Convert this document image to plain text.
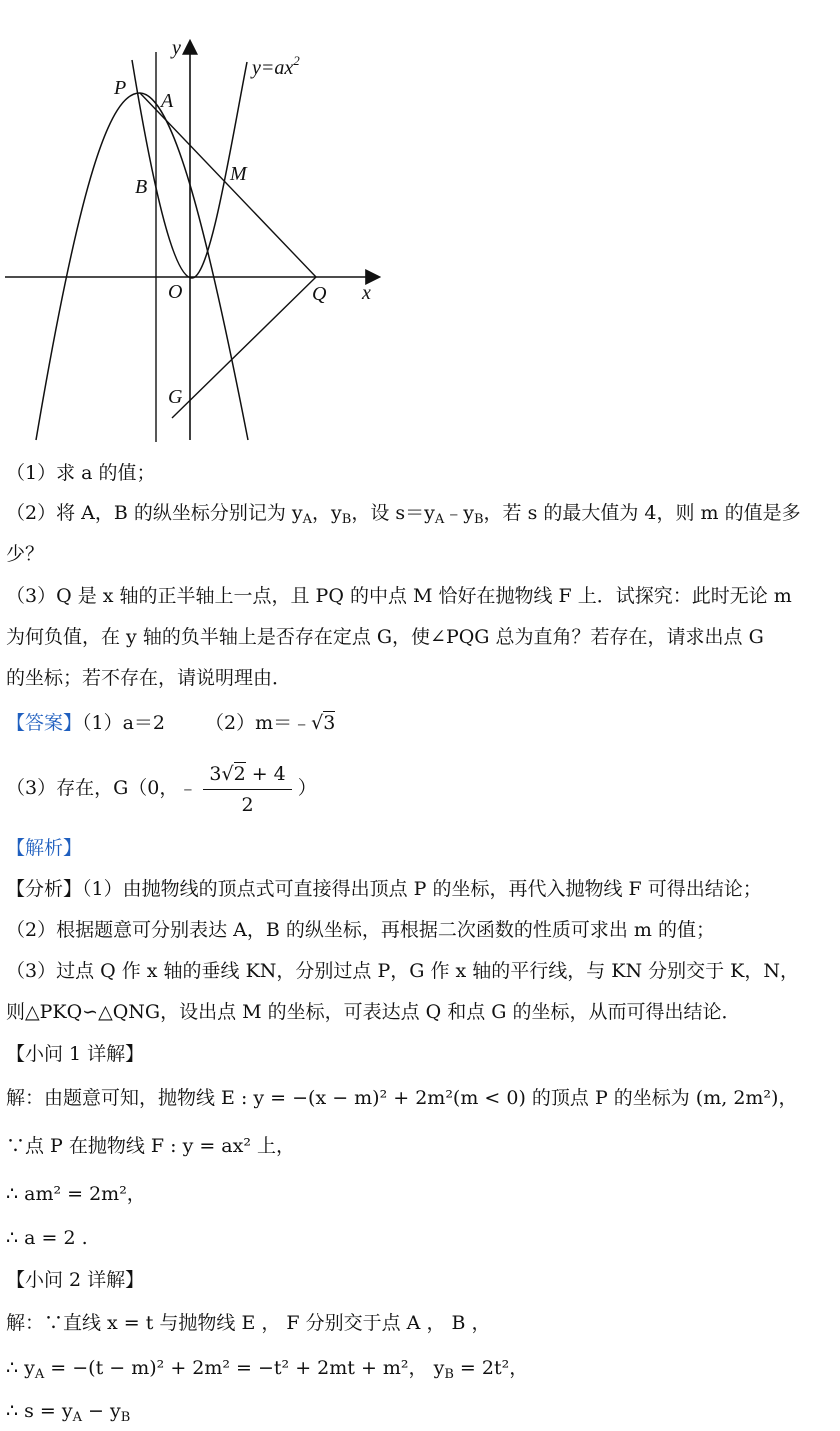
y
$y=ax^2$
P
A
B
M
O	Q x
G
（1）求 a 的值；
（2）将 A，B 的纵坐标分别记为 $y_A$，$y_B$，设 $s=y_A﹣y_B$，若 s 的最大值为 4，则 m 的值是多
少？
（3）Q 是 x 轴的正半轴上一点，且 PQ 的中点 M 恰好在抛物线 F 上．试探究：此时无论 m
为何负值，在 y 轴的负半轴上是否存在定点 G，使∠PQG 总为直角？若存在，请求出点 G
的坐标；若不存在，请说明理由．
【答案】（1）a＝2 （2）m＝﹣√3
（3）存在，G（0，﹣ $\frac{3√2 + 4}{2}$ ）
【解析】
【分析】（1）由抛物线的顶点式可直接得出顶点 P 的坐标，再代入抛物线 F 可得出结论；
（2）根据题意可分别表达 A，B 的纵坐标，再根据二次函数的性质可求出 m 的值；
（3）过点 Q 作 x 轴的垂线 KN，分别过点 P，G 作 x 轴的平行线，与 KN 分别交于 K，N，
则△PKQ∽△QNG，设出点 M 的坐标，可表达点 Q 和点 G 的坐标，从而可得出结论．
【小问 1 详解】
解：由题意可知，抛物线 E : y = −(x − m)² + 2m²(m < 0) 的顶点 P 的坐标为 (m, 2m²)，
∵点 P 在抛物线 F : y = ax² 上，
∴ am² = 2m²，
∴ a = 2 .
【小问 2 详解】
解：∵直线 x = t 与抛物线 E ， F 分别交于点 A ， B ，
∴ $y_A = -(t - m)^2 + 2m^2 = -t^2 + 2mt + m^2$， $y_B = 2t^2$，
∴ $s = y_A - y_B$
